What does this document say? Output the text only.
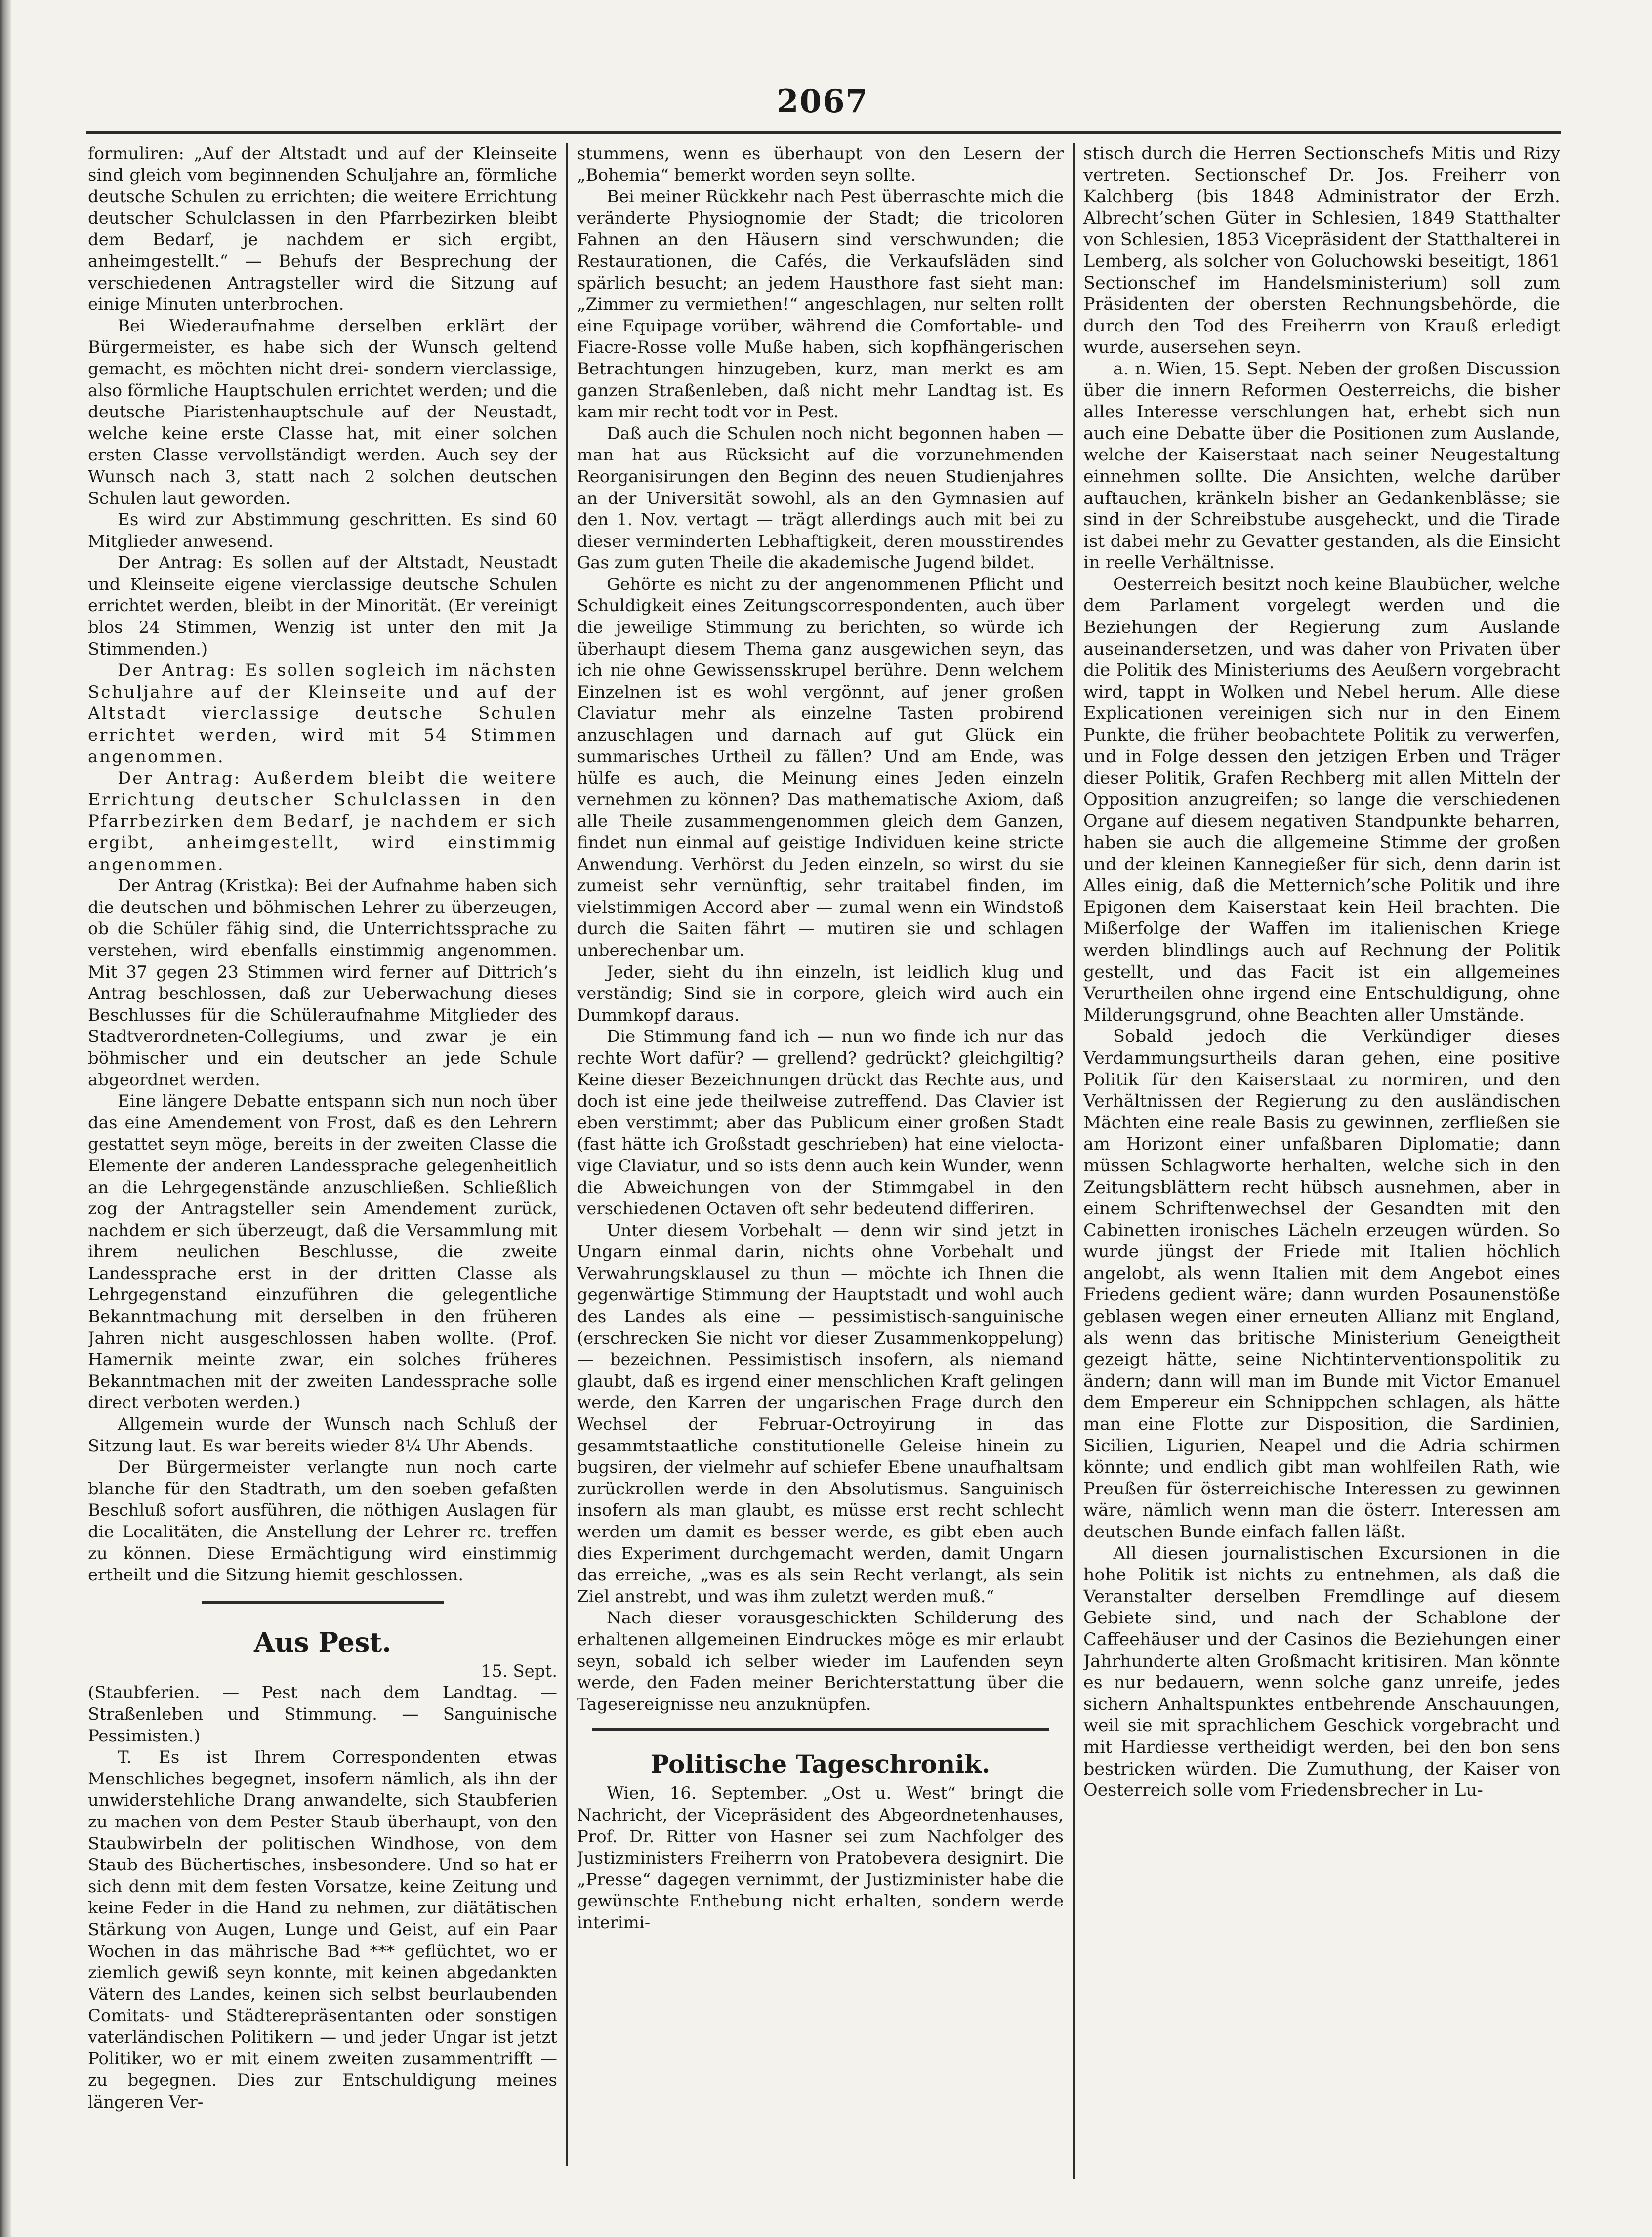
2067

formuliren: „Auf der Altstadt und auf der Kleinseite sind gleich vom beginnenden Schuljahre an, förmliche deutsche Schulen zu errichten; die weitere Errichtung deutscher Schulclassen in den Pfarrbezirken bleibt dem Bedarf, je nachdem er sich ergibt, anheimgestellt.“ — Behufs der Besprechung der verschiedenen Antragsteller wird die Sitzung auf einige Minuten unterbrochen.

Bei Wiederaufnahme derselben erklärt der Bürgermeister, es habe sich der Wunsch geltend gemacht, es möchten nicht drei- sondern vierclassige, also förmliche Hauptschulen errichtet werden; und die deutsche Piaristenhauptschule auf der Neustadt, welche keine erste Classe hat, mit einer solchen ersten Classe vervollständigt werden. Auch sey der Wunsch nach 3, statt nach 2 solchen deutschen Schulen laut geworden.

Es wird zur Abstimmung geschritten. Es sind 60 Mitglieder anwesend.

Der Antrag: Es sollen auf der Altstadt, Neustadt und Kleinseite eigene vierclassige deutsche Schulen errichtet werden, bleibt in der Minorität. (Er vereinigt blos 24 Stimmen, Wenzig ist unter den mit Ja Stimmenden.)

Der Antrag: Es sollen sogleich im nächsten Schuljahre auf der Kleinseite und auf der Altstadt vierclassige deutsche Schulen errichtet werden, wird mit 54 Stimmen angenommen.

Der Antrag: Außerdem bleibt die weitere Errichtung deutscher Schulclassen in den Pfarrbezirken dem Bedarf, je nachdem er sich ergibt, anheimgestellt, wird einstimmig angenommen.

Der Antrag (Kristka): Bei der Aufnahme haben sich die deutschen und böhmischen Lehrer zu überzeugen, ob die Schüler fähig sind, die Unterrichtssprache zu verstehen, wird ebenfalls einstimmig angenommen. Mit 37 gegen 23 Stimmen wird ferner auf Dittrich’s Antrag beschlossen, daß zur Ueberwachung dieses Beschlusses für die Schüleraufnahme Mitglieder des Stadtverordneten-Collegiums, und zwar je ein böhmischer und ein deutscher an jede Schule abgeordnet werden.

Eine längere Debatte entspann sich nun noch über das eine Amendement von Frost, daß es den Lehrern gestattet seyn möge, bereits in der zweiten Classe die Elemente der anderen Landessprache gelegenheitlich an die Lehrgegenstände anzuschließen. Schließlich zog der Antragsteller sein Amendement zurück, nachdem er sich überzeugt, daß die Versammlung mit ihrem neulichen Beschlusse, die zweite Landessprache erst in der dritten Classe als Lehrgegenstand einzuführen die gelegentliche Bekanntmachung mit derselben in den früheren Jahren nicht ausgeschlossen haben wollte. (Prof. Hamernik meinte zwar, ein solches früheres Bekanntmachen mit der zweiten Landessprache solle direct verboten werden.)

Allgemein wurde der Wunsch nach Schluß der Sitzung laut. Es war bereits wieder 8¼ Uhr Abends.

Der Bürgermeister verlangte nun noch carte blanche für den Stadtrath, um den soeben gefaßten Beschluß sofort ausführen, die nöthigen Auslagen für die Localitäten, die Anstellung der Lehrer rc. treffen zu können. Diese Ermächtigung wird einstimmig ertheilt und die Sitzung hiemit geschlossen.

Aus Pest.

15. Sept.

(Staubferien. — Pest nach dem Landtag. — Straßenleben und Stimmung. — Sanguinische Pessimisten.)

T. Es ist Ihrem Correspondenten etwas Menschliches begegnet, insofern nämlich, als ihn der unwiderstehliche Drang anwandelte, sich Staubferien zu machen von dem Pester Staub überhaupt, von den Staubwirbeln der politischen Windhose, von dem Staub des Büchertisches, insbesondere. Und so hat er sich denn mit dem festen Vorsatze, keine Zeitung und keine Feder in die Hand zu nehmen, zur diätätischen Stärkung von Augen, Lunge und Geist, auf ein Paar Wochen in das mährische Bad *** geflüchtet, wo er ziemlich gewiß seyn konnte, mit keinen abgedankten Vätern des Landes, keinen sich selbst beurlaubenden Comitats- und Städterepräsentanten oder sonstigen vaterländischen Politikern — und jeder Ungar ist jetzt Politiker, wo er mit einem zweiten zusammentrifft — zu begegnen. Dies zur Entschuldigung meines längeren Ver-

stummens, wenn es überhaupt von den Lesern der „Bohemia“ bemerkt worden seyn sollte.

Bei meiner Rückkehr nach Pest überraschte mich die veränderte Physiognomie der Stadt; die tricoloren Fahnen an den Häusern sind verschwunden; die Restaurationen, die Cafés, die Verkaufsläden sind spärlich besucht; an jedem Hausthore fast sieht man: „Zimmer zu vermiethen!“ angeschlagen, nur selten rollt eine Equipage vorüber, während die Comfortable- und Fiacre-Rosse volle Muße haben, sich kopfhängerischen Betrachtungen hinzugeben, kurz, man merkt es am ganzen Straßenleben, daß nicht mehr Landtag ist. Es kam mir recht todt vor in Pest.

Daß auch die Schulen noch nicht begonnen haben — man hat aus Rücksicht auf die vorzunehmenden Reorganisirungen den Beginn des neuen Studienjahres an der Universität sowohl, als an den Gymnasien auf den 1. Nov. vertagt — trägt allerdings auch mit bei zu dieser verminderten Lebhaftigkeit, deren mousstirendes Gas zum guten Theile die akademische Jugend bildet.

Gehörte es nicht zu der angenommenen Pflicht und Schuldigkeit eines Zeitungscorrespondenten, auch über die jeweilige Stimmung zu berichten, so würde ich überhaupt diesem Thema ganz ausgewichen seyn, das ich nie ohne Gewissensskrupel berühre. Denn welchem Einzelnen ist es wohl vergönnt, auf jener großen Claviatur mehr als einzelne Tasten probirend anzuschlagen und darnach auf gut Glück ein summarisches Urtheil zu fällen? Und am Ende, was hülfe es auch, die Meinung eines Jeden einzeln vernehmen zu können? Das mathematische Axiom, daß alle Theile zusammengenommen gleich dem Ganzen, findet nun einmal auf geistige Individuen keine stricte Anwendung. Verhörst du Jeden einzeln, so wirst du sie zumeist sehr vernünftig, sehr traitabel finden, im vielstimmigen Accord aber — zumal wenn ein Windstoß durch die Saiten fährt — mutiren sie und schlagen unberechenbar um.

Jeder, sieht du ihn einzeln, ist leidlich klug und verständig; Sind sie in corpore, gleich wird auch ein Dummkopf daraus.

Die Stimmung fand ich — nun wo finde ich nur das rechte Wort dafür? — grellend? gedrückt? gleichgiltig? Keine dieser Bezeichnungen drückt das Rechte aus, und doch ist eine jede theilweise zutreffend. Das Clavier ist eben verstimmt; aber das Publicum einer großen Stadt (fast hätte ich Großstadt geschrieben) hat eine vieloctavige Claviatur, und so ists denn auch kein Wunder, wenn die Abweichungen von der Stimmgabel in den verschiedenen Octaven oft sehr bedeutend differiren.

Unter diesem Vorbehalt — denn wir sind jetzt in Ungarn einmal darin, nichts ohne Vorbehalt und Verwahrungsklausel zu thun — möchte ich Ihnen die gegenwärtige Stimmung der Hauptstadt und wohl auch des Landes als eine — pessimistisch-sanguinische (erschrecken Sie nicht vor dieser Zusammenkoppelung) — bezeichnen. Pessimistisch insofern, als niemand glaubt, daß es irgend einer menschlichen Kraft gelingen werde, den Karren der ungarischen Frage durch den Wechsel der Februar-Octroyirung in das gesammtstaatliche constitutionelle Geleise hinein zu bugsiren, der vielmehr auf schiefer Ebene unaufhaltsam zurückrollen werde in den Absolutismus. Sanguinisch insofern als man glaubt, es müsse erst recht schlecht werden um damit es besser werde, es gibt eben auch dies Experiment durchgemacht werden, damit Ungarn das erreiche, „was es als sein Recht verlangt, als sein Ziel anstrebt, und was ihm zuletzt werden muß.“

Nach dieser vorausgeschickten Schilderung des erhaltenen allgemeinen Eindruckes möge es mir erlaubt seyn, sobald ich selber wieder im Laufenden seyn werde, den Faden meiner Berichterstattung über die Tagesereignisse neu anzuknüpfen.

Politische Tageschronik.

Wien, 16. September. „Ost u. West“ bringt die Nachricht, der Vicepräsident des Abgeordnetenhauses, Prof. Dr. Ritter von Hasner sei zum Nachfolger des Justizministers Freiherrn von Pratobevera designirt. Die „Presse“ dagegen vernimmt, der Justizminister habe die gewünschte Enthebung nicht erhalten, sondern werde interimi-

stisch durch die Herren Sectionschefs Mitis und Rizy vertreten. Sectionschef Dr. Jos. Freiherr von Kalchberg (bis 1848 Administrator der Erzh. Albrecht’schen Güter in Schlesien, 1849 Statthalter von Schlesien, 1853 Vicepräsident der Statthalterei in Lemberg, als solcher von Goluchowski beseitigt, 1861 Sectionschef im Handelsministerium) soll zum Präsidenten der obersten Rechnungsbehörde, die durch den Tod des Freiherrn von Krauß erledigt wurde, ausersehen seyn.

a. n. Wien, 15. Sept. Neben der großen Discussion über die innern Reformen Oesterreichs, die bisher alles Interesse verschlungen hat, erhebt sich nun auch eine Debatte über die Positionen zum Auslande, welche der Kaiserstaat nach seiner Neugestaltung einnehmen sollte. Die Ansichten, welche darüber auftauchen, kränkeln bisher an Gedankenblässe; sie sind in der Schreibstube ausgeheckt, und die Tirade ist dabei mehr zu Gevatter gestanden, als die Einsicht in reelle Verhältnisse.

Oesterreich besitzt noch keine Blaubücher, welche dem Parlament vorgelegt werden und die Beziehungen der Regierung zum Auslande auseinandersetzen, und was daher von Privaten über die Politik des Ministeriums des Aeußern vorgebracht wird, tappt in Wolken und Nebel herum. Alle diese Explicationen vereinigen sich nur in den Einem Punkte, die früher beobachtete Politik zu verwerfen, und in Folge dessen den jetzigen Erben und Träger dieser Politik, Grafen Rechberg mit allen Mitteln der Opposition anzugreifen; so lange die verschiedenen Organe auf diesem negativen Standpunkte beharren, haben sie auch die allgemeine Stimme der großen und der kleinen Kannegießer für sich, denn darin ist Alles einig, daß die Metternich’sche Politik und ihre Epigonen dem Kaiserstaat kein Heil brachten. Die Mißerfolge der Waffen im italienischen Kriege werden blindlings auch auf Rechnung der Politik gestellt, und das Facit ist ein allgemeines Verurtheilen ohne irgend eine Entschuldigung, ohne Milderungsgrund, ohne Beachten aller Umstände.

Sobald jedoch die Verkündiger dieses Verdammungsurtheils daran gehen, eine positive Politik für den Kaiserstaat zu normiren, und den Verhältnissen der Regierung zu den ausländischen Mächten eine reale Basis zu gewinnen, zerfließen sie am Horizont einer unfaßbaren Diplomatie; dann müssen Schlagworte herhalten, welche sich in den Zeitungsblättern recht hübsch ausnehmen, aber in einem Schriftenwechsel der Gesandten mit den Cabinetten ironisches Lächeln erzeugen würden. So wurde jüngst der Friede mit Italien höchlich angelobt, als wenn Italien mit dem Angebot eines Friedens gedient wäre; dann wurden Posaunenstöße geblasen wegen einer erneuten Allianz mit England, als wenn das britische Ministerium Geneigtheit gezeigt hätte, seine Nichtinterventionspolitik zu ändern; dann will man im Bunde mit Victor Emanuel dem Empereur ein Schnippchen schlagen, als hätte man eine Flotte zur Disposition, die Sardinien, Sicilien, Ligurien, Neapel und die Adria schirmen könnte; und endlich gibt man wohlfeilen Rath, wie Preußen für österreichische Interessen zu gewinnen wäre, nämlich wenn man die österr. Interessen am deutschen Bunde einfach fallen läßt.

All diesen journalistischen Excursionen in die hohe Politik ist nichts zu entnehmen, als daß die Veranstalter derselben Fremdlinge auf diesem Gebiete sind, und nach der Schablone der Caffeehäuser und der Casinos die Beziehungen einer Jahrhunderte alten Großmacht kritisiren. Man könnte es nur bedauern, wenn solche ganz unreife, jedes sichern Anhaltspunktes entbehrende Anschauungen, weil sie mit sprachlichem Geschick vorgebracht und mit Hardiesse vertheidigt werden, bei den bon sens bestricken würden. Die Zumuthung, der Kaiser von Oesterreich solle vom Friedensbrecher in Lu-
